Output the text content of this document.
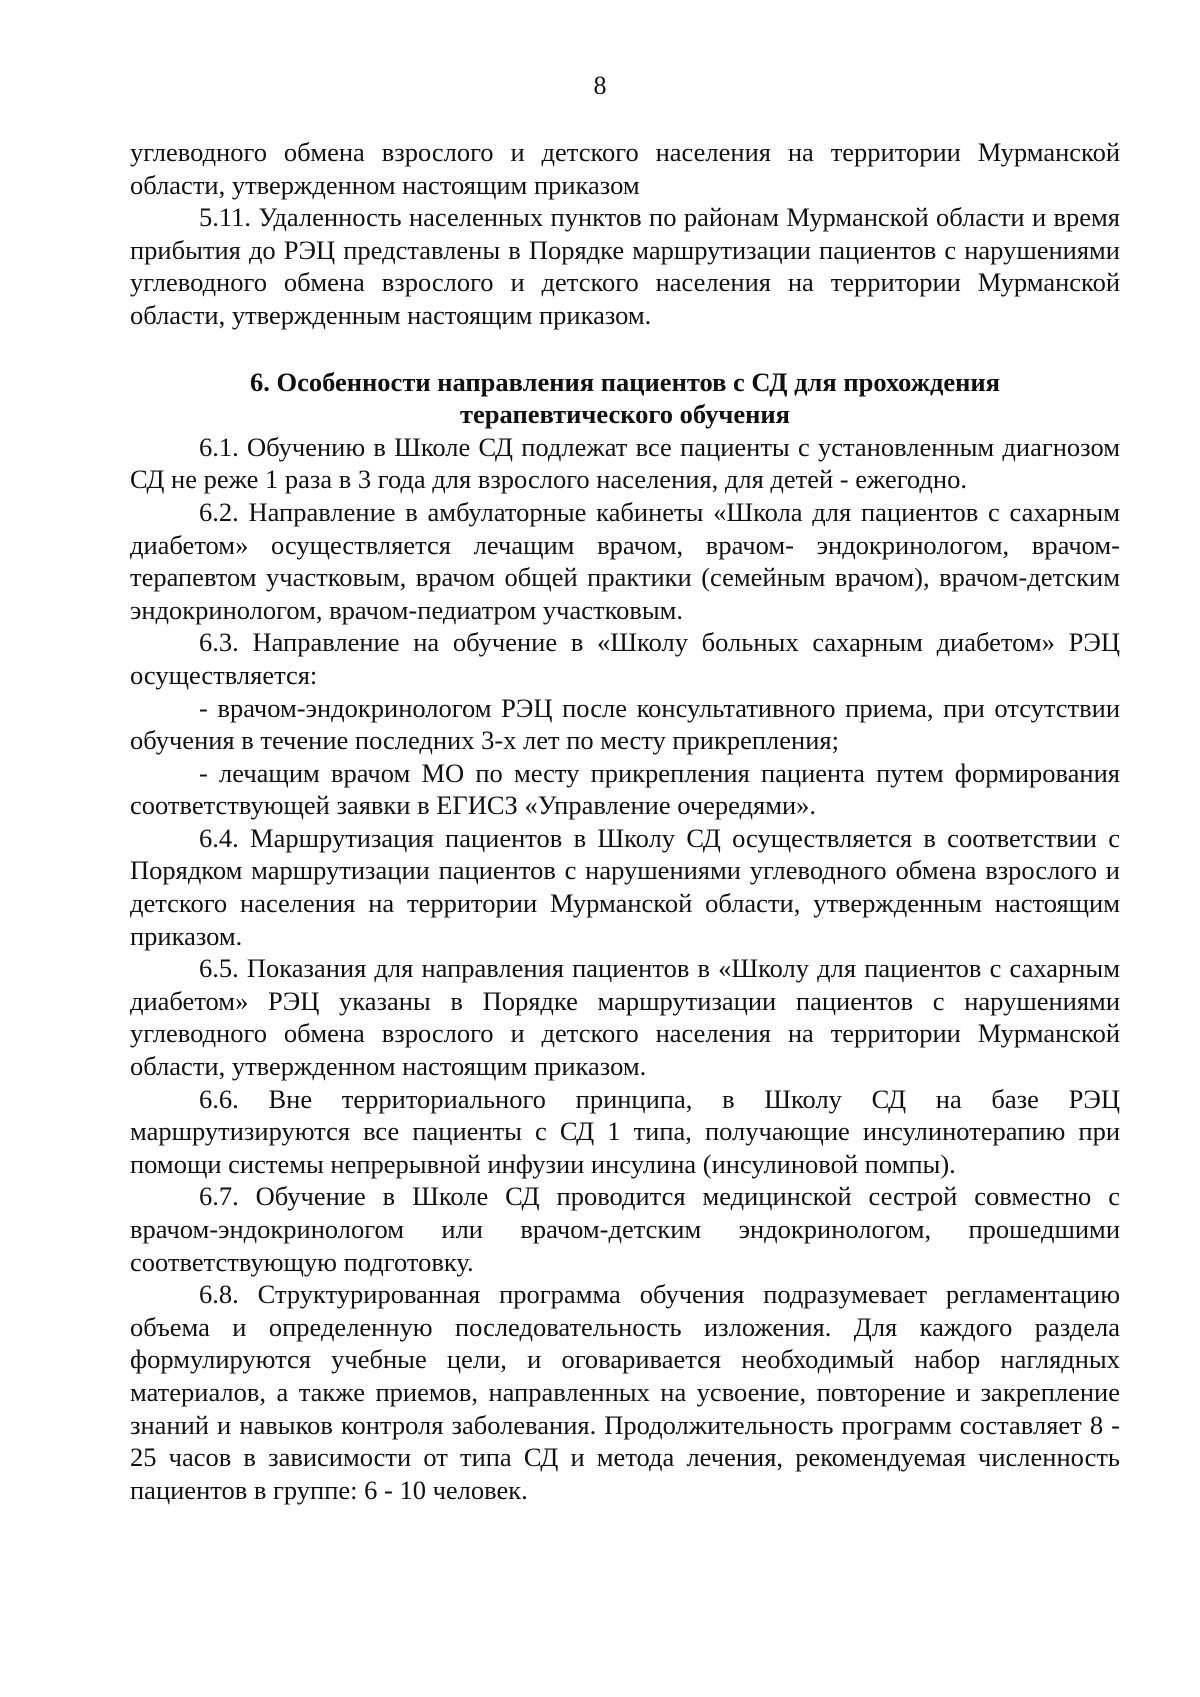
8

углеводного обмена взрослого и детского населения на территории Мурманской области, утвержденном настоящим приказом

5.11. Удаленность населенных пунктов по районам Мурманской области и время прибытия до РЭЦ представлены в Порядке маршрутизации пациентов с нарушениями углеводного обмена взрослого и детского населения на территории Мурманской области, утвержденным настоящим приказом.

6. Особенности направления пациентов с СД для прохождения
терапевтического обучения

6.1. Обучению в Школе СД подлежат все пациенты с установленным диагнозом СД не реже 1 раза в 3 года для взрослого населения, для детей - ежегодно.

6.2. Направление в амбулаторные кабинеты «Школа для пациентов с сахарным диабетом» осуществляется лечащим врачом, врачом- эндокринологом, врачом-терапевтом участковым, врачом общей практики (семейным врачом), врачом-детским эндокринологом, врачом-педиатром участковым.

6.3. Направление на обучение в «Школу больных сахарным диабетом» РЭЦ осуществляется:

- врачом-эндокринологом РЭЦ после консультативного приема, при отсутствии обучения в течение последних 3-х лет по месту прикрепления;

- лечащим врачом МО по месту прикрепления пациента путем формирования соответствующей заявки в ЕГИСЗ «Управление очередями».

6.4. Маршрутизация пациентов в Школу СД осуществляется в соответствии с Порядком маршрутизации пациентов с нарушениями углеводного обмена взрослого и детского населения на территории Мурманской области, утвержденным настоящим приказом.

6.5. Показания для направления пациентов в «Школу для пациентов с сахарным диабетом» РЭЦ указаны в Порядке маршрутизации пациентов с нарушениями углеводного обмена взрослого и детского населения на территории Мурманской области, утвержденном настоящим приказом.

6.6. Вне территориального принципа, в Школу СД на базе РЭЦ маршрутизируются все пациенты с СД 1 типа, получающие инсулинотерапию при помощи системы непрерывной инфузии инсулина (инсулиновой помпы).

6.7. Обучение в Школе СД проводится медицинской сестрой совместно с врачом-эндокринологом или врачом-детским эндокринологом, прошедшими соответствующую подготовку.

6.8. Структурированная программа обучения подразумевает регламентацию объема и определенную последовательность изложения. Для каждого раздела формулируются учебные цели, и оговаривается необходимый набор наглядных материалов, а также приемов, направленных на усвоение, повторение и закрепление знаний и навыков контроля заболевания. Продолжительность программ составляет 8 - 25 часов в зависимости от типа СД и метода лечения, рекомендуемая численность пациентов в группе: 6 - 10 человек.
